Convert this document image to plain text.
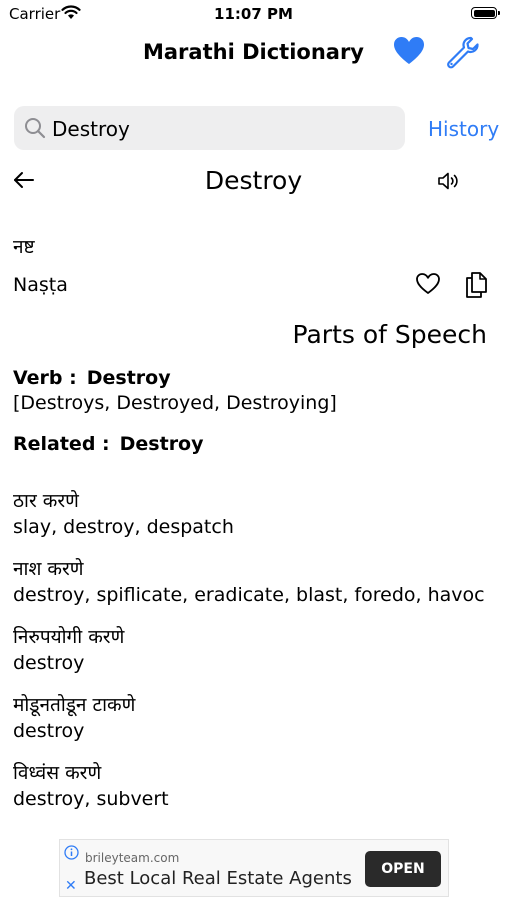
Carrier	11:07 PM
Marathi Dictionary
Destroy	History
Destroy
नष्ट
Naṣṭa
Parts of Speech
Verb : Destroy
[Destroys, Destroyed, Destroying]
Related : Destroy
ठार करणे
slay, destroy, despatch
नाश करणे
destroy, spiflicate, eradicate, blast, foredo, havoc
निरुपयोगी करणे
destroy
मोडूनतोडून टाकणे
destroy
विध्वंस करणे
destroy, subvert
✕
brileyteam.com
Best Local Real Estate Agents	OPEN
